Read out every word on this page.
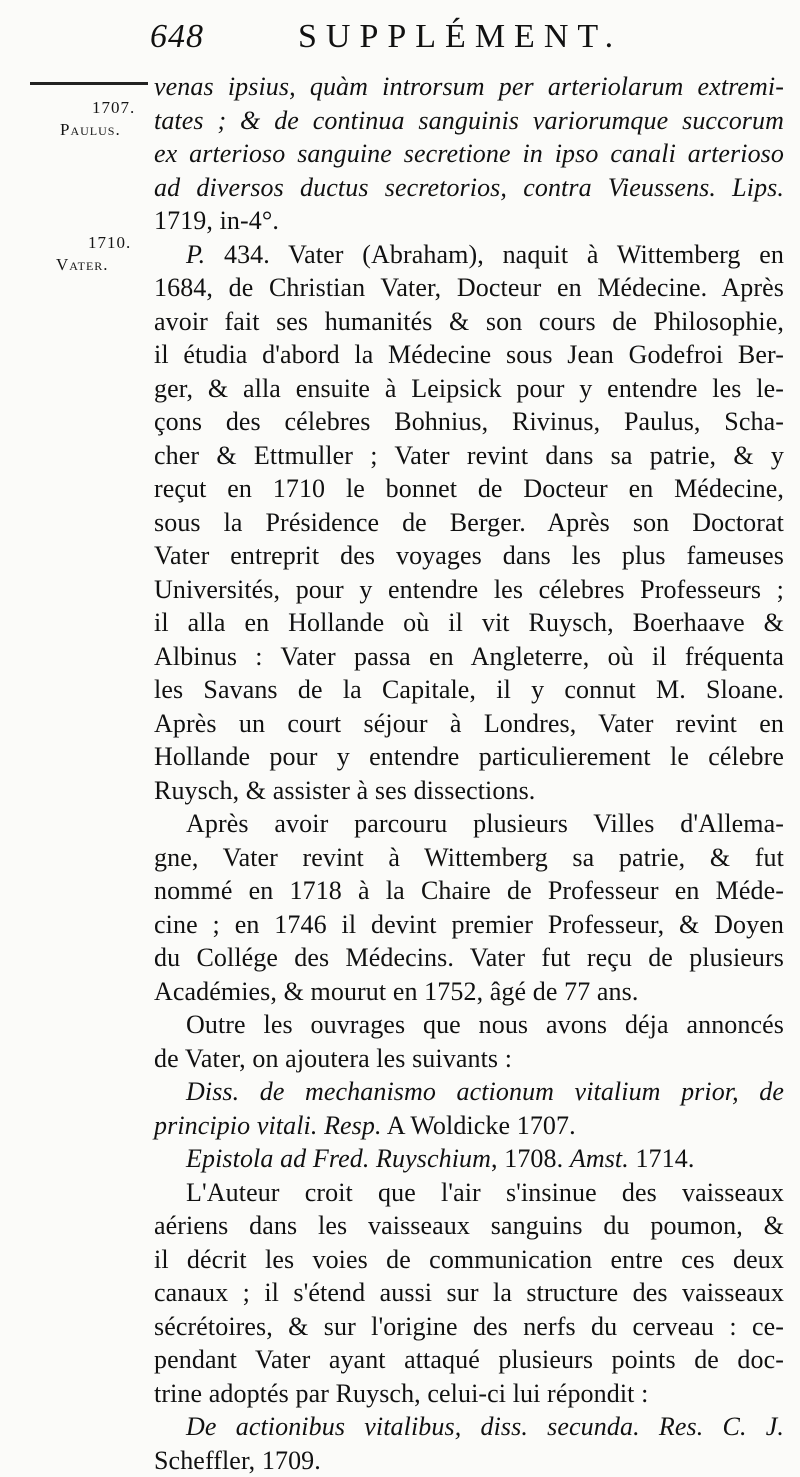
648	SUPPLÉMENT.
1707.
Paulus.
1710.
Vater.
venas ipsius, quàm introrsum per arteriolarum extremi-
tates ; & de continua sanguinis variorumque succorum
ex arterioso sanguine secretione in ipso canali arterioso
ad diversos ductus secretorios, contra Vieussens. Lips.
1719, in-4°.
P. 434. Vater (Abraham), naquit à Wittemberg en
1684, de Christian Vater, Docteur en Médecine. Après
avoir fait ses humanités & son cours de Philosophie,
il étudia d'abord la Médecine sous Jean Godefroi Ber-
ger, & alla ensuite à Leipsick pour y entendre les le-
çons des célebres Bohnius, Rivinus, Paulus, Scha-
cher & Ettmuller ; Vater revint dans sa patrie, & y
reçut en 1710 le bonnet de Docteur en Médecine,
sous la Présidence de Berger. Après son Doctorat
Vater entreprit des voyages dans les plus fameuses
Universités, pour y entendre les célebres Professeurs ;
il alla en Hollande où il vit Ruysch, Boerhaave &
Albinus : Vater passa en Angleterre, où il fréquenta
les Savans de la Capitale, il y connut M. Sloane.
Après un court séjour à Londres, Vater revint en
Hollande pour y entendre particulierement le célebre
Ruysch, & assister à ses dissections.
Après avoir parcouru plusieurs Villes d'Allema-
gne, Vater revint à Wittemberg sa patrie, & fut
nommé en 1718 à la Chaire de Professeur en Méde-
cine ; en 1746 il devint premier Professeur, & Doyen
du Collége des Médecins. Vater fut reçu de plusieurs
Académies, & mourut en 1752, âgé de 77 ans.
Outre les ouvrages que nous avons déja annoncés
de Vater, on ajoutera les suivants :
Diss. de mechanismo actionum vitalium prior, de
principio vitali. Resp. A Woldicke 1707.
Epistola ad Fred. Ruyschium, 1708. Amst. 1714.
L'Auteur croit que l'air s'insinue des vaisseaux
aériens dans les vaisseaux sanguins du poumon, &
il décrit les voies de communication entre ces deux
canaux ; il s'étend aussi sur la structure des vaisseaux
sécrétoires, & sur l'origine des nerfs du cerveau : ce-
pendant Vater ayant attaqué plusieurs points de doc-
trine adoptés par Ruysch, celui-ci lui répondit :
De actionibus vitalibus, diss. secunda. Res. C. J.
Scheffler, 1709.
